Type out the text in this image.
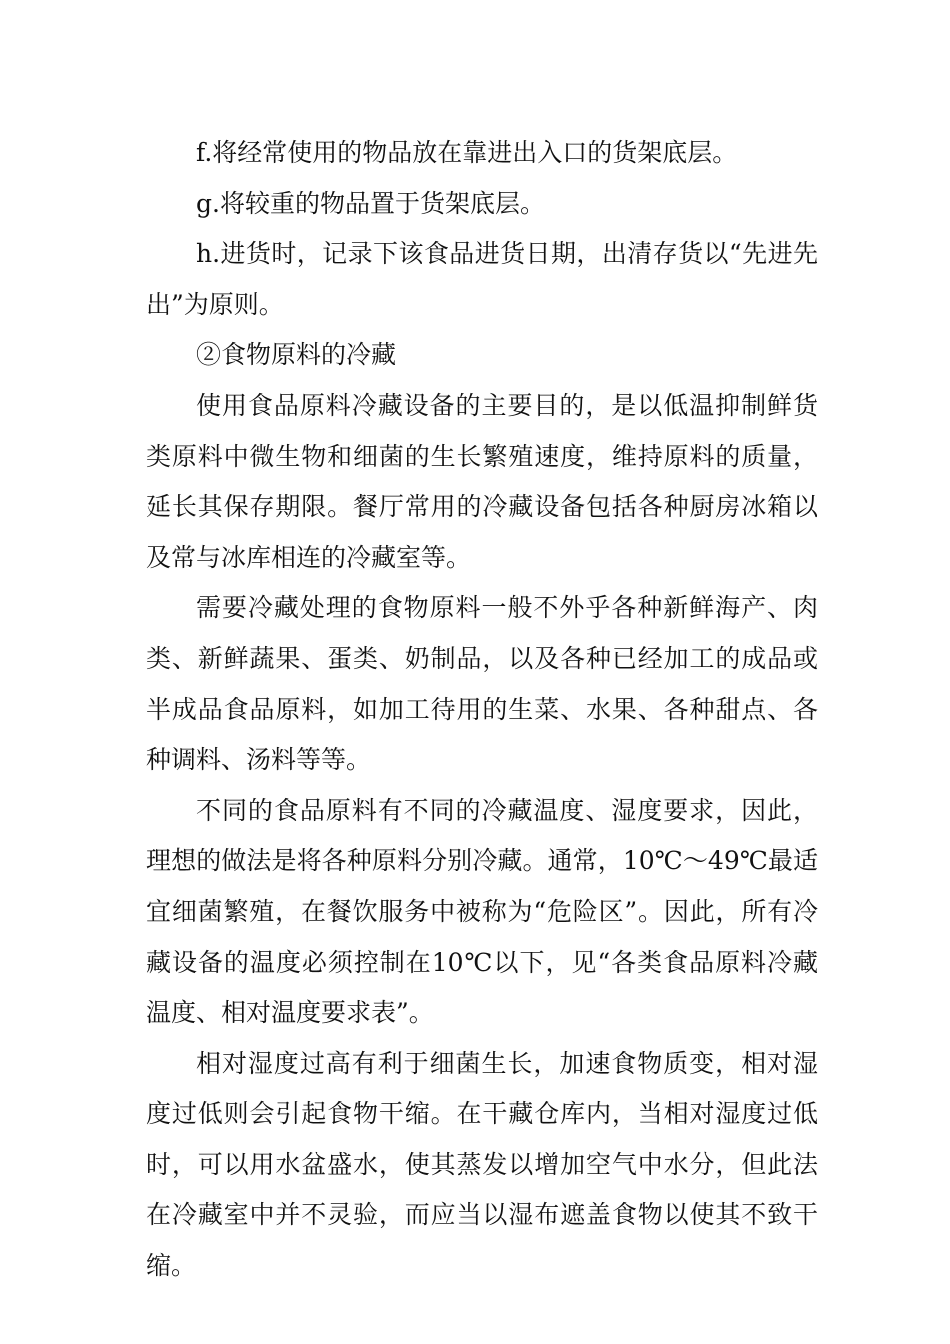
f.将经常使用的物品放在靠进出入口的货架底层。

g.将较重的物品置于货架底层。

h.进货时，记录下该食品进货日期，出清存货以“先进先出”为原则。

②食物原料的冷藏

使用食品原料冷藏设备的主要目的，是以低温抑制鲜货类原料中微生物和细菌的生长繁殖速度，维持原料的质量，延长其保存期限。餐厅常用的冷藏设备包括各种厨房冰箱以及常与冰库相连的冷藏室等。

需要冷藏处理的食物原料一般不外乎各种新鲜海产、肉类、新鲜蔬果、蛋类、奶制品，以及各种已经加工的成品或半成品食品原料，如加工待用的生菜、水果、各种甜点、各种调料、汤料等等。

不同的食品原料有不同的冷藏温度、湿度要求，因此，理想的做法是将各种原料分别冷藏。通常，10℃～49℃最适宜细菌繁殖，在餐饮服务中被称为“危险区”。因此，所有冷藏设备的温度必须控制在10℃以下，见“各类食品原料冷藏温度、相对温度要求表”。

相对湿度过高有利于细菌生长，加速食物质变，相对湿度过低则会引起食物干缩。在干藏仓库内，当相对湿度过低时，可以用水盆盛水，使其蒸发以增加空气中水分，但此法在冷藏室中并不灵验，而应当以湿布遮盖食物以使其不致干缩。
